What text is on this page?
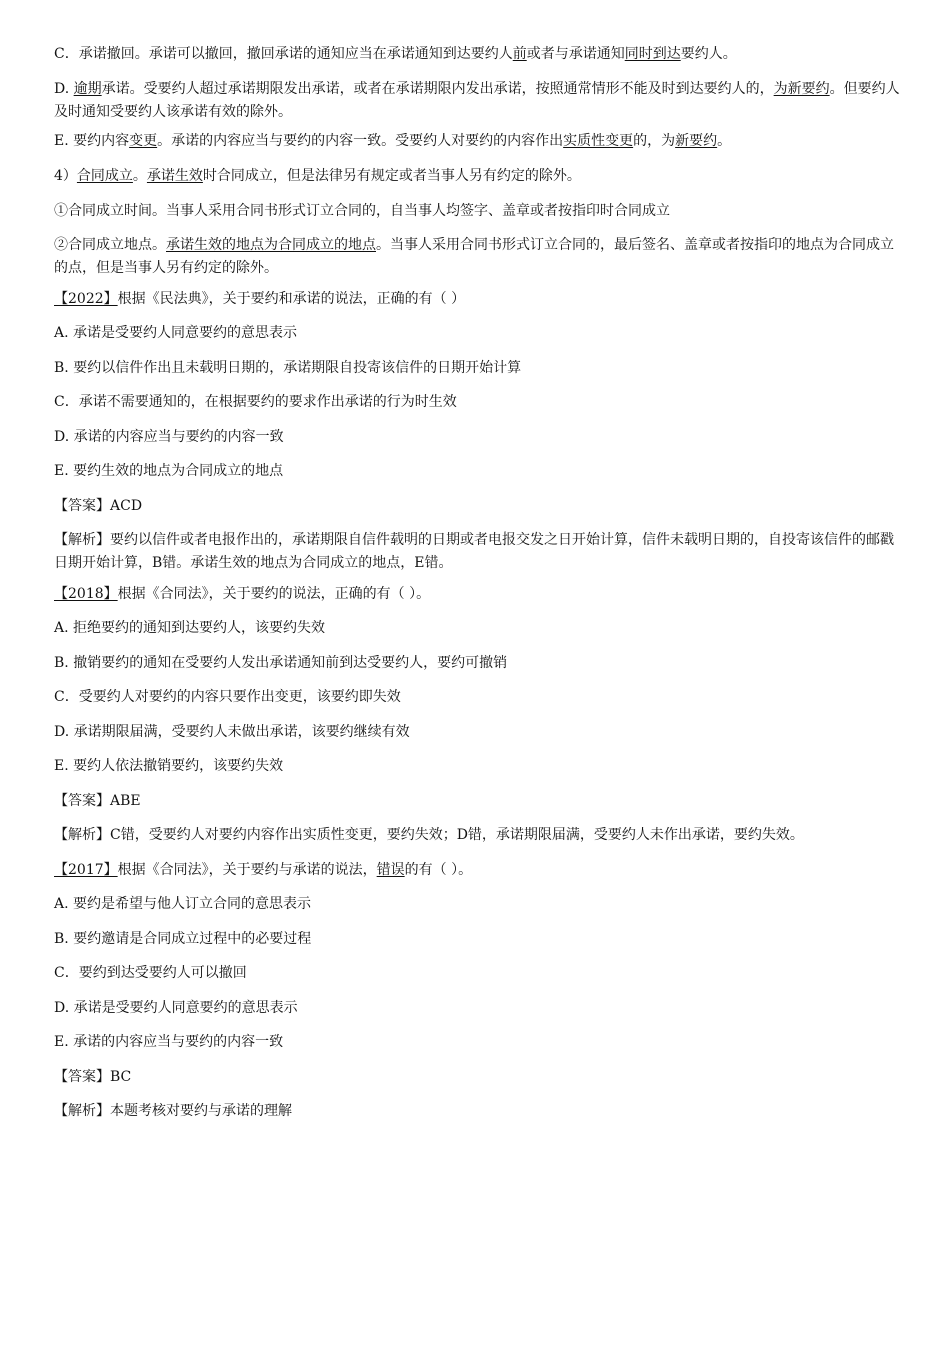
C．承诺撤回。承诺可以撤回，撤回承诺的通知应当在承诺通知到达要约人前或者与承诺通知同时到达要约人。

D. 逾期承诺。受要约人超过承诺期限发出承诺，或者在承诺期限内发出承诺，按照通常情形不能及时到达要约人的，为新要约。但要约人及时通知受要约人该承诺有效的除外。

E. 要约内容变更。承诺的内容应当与要约的内容一致。受要约人对要约的内容作出实质性变更的，为新要约。

4）合同成立。承诺生效时合同成立，但是法律另有规定或者当事人另有约定的除外。

①合同成立时间。当事人采用合同书形式订立合同的，自当事人均签字、盖章或者按指印时合同成立

②合同成立地点。承诺生效的地点为合同成立的地点。当事人采用合同书形式订立合同的，最后签名、盖章或者按指印的地点为合同成立的点，但是当事人另有约定的除外。

【2022】根据《民法典》，关于要约和承诺的说法，正确的有（ ）

A. 承诺是受要约人同意要约的意思表示

B. 要约以信件作出且未载明日期的，承诺期限自投寄该信件的日期开始计算

C．承诺不需要通知的，在根据要约的要求作出承诺的行为时生效

D. 承诺的内容应当与要约的内容一致

E. 要约生效的地点为合同成立的地点

【答案】ACD

【解析】要约以信件或者电报作出的，承诺期限自信件载明的日期或者电报交发之日开始计算，信件未载明日期的，自投寄该信件的邮戳日期开始计算，B错。承诺生效的地点为合同成立的地点，E错。

【2018】根据《合同法》，关于要约的说法，正确的有（ ）。

A. 拒绝要约的通知到达要约人，该要约失效

B. 撤销要约的通知在受要约人发出承诺通知前到达受要约人，要约可撤销

C．受要约人对要约的内容只要作出变更，该要约即失效

D. 承诺期限届满，受要约人未做出承诺，该要约继续有效

E. 要约人依法撤销要约，该要约失效

【答案】ABE

【解析】C错，受要约人对要约内容作出实质性变更，要约失效；D错，承诺期限届满，受要约人未作出承诺，要约失效。

【2017】根据《合同法》，关于要约与承诺的说法，错误的有（ ）。

A. 要约是希望与他人订立合同的意思表示

B. 要约邀请是合同成立过程中的必要过程

C．要约到达受要约人可以撤回

D. 承诺是受要约人同意要约的意思表示

E. 承诺的内容应当与要约的内容一致

【答案】BC

【解析】本题考核对要约与承诺的理解
